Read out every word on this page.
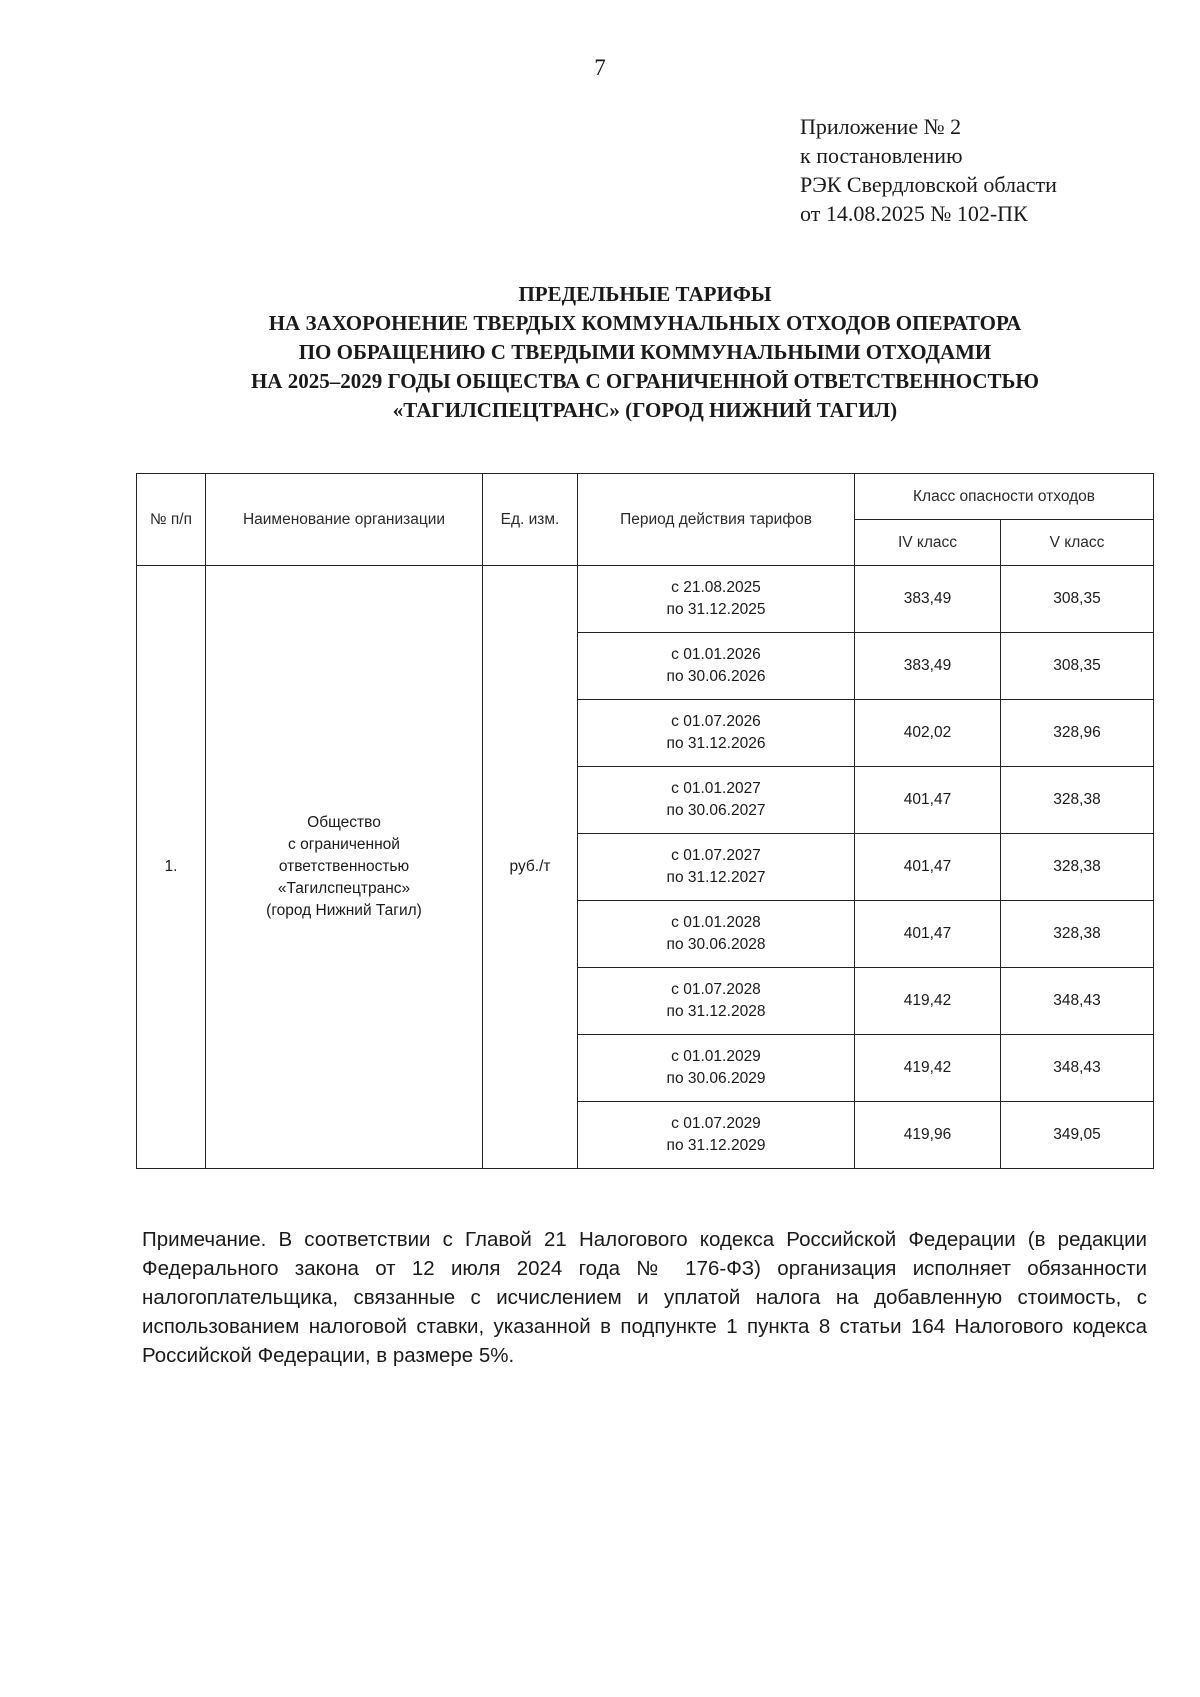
7
Приложение № 2
к постановлению
РЭК Свердловской области
от 14.08.2025 № 102-ПК
ПРЕДЕЛЬНЫЕ ТАРИФЫ
НА ЗАХОРОНЕНИЕ ТВЕРДЫХ КОММУНАЛЬНЫХ ОТХОДОВ ОПЕРАТОРА
ПО ОБРАЩЕНИЮ С ТВЕРДЫМИ КОММУНАЛЬНЫМИ ОТХОДАМИ
НА 2025–2029 ГОДЫ ОБЩЕСТВА С ОГРАНИЧЕННОЙ ОТВЕТСТВЕННОСТЬЮ
«ТАГИЛСПЕЦТРАНС» (ГОРОД НИЖНИЙ ТАГИЛ)
№ п/п	Наименование организации	Ед. изм.	Период действия тарифов	Класс опасности отходов	
				IV класс	V класс
1.	Общество
с ограниченной
ответственностью
«Тагилспецтранс»
(город Нижний Тагил)	руб./т	с 21.08.2025
по 31.12.2025	383,49	308,35

			с 01.01.2026
по 30.06.2026	383,49	308,35

			с 01.07.2026
по 31.12.2026	402,02	328,96

			с 01.01.2027
по 30.06.2027	401,47	328,38

			с 01.07.2027
по 31.12.2027	401,47	328,38

			с 01.01.2028
по 30.06.2028	401,47	328,38

			с 01.07.2028
по 31.12.2028	419,42	348,43

			с 01.01.2029
по 30.06.2029	419,42	348,43

			с 01.07.2029
по 31.12.2029	419,96	349,05
Примечание. В соответствии с Главой 21 Налогового кодекса Российской Федерации (в редакции Федерального закона от 12 июля 2024 года № 176-ФЗ) организация исполняет обязанности налогоплательщика, связанные с исчислением и уплатой налога на добавленную стоимость, с использованием налоговой ставки, указанной в подпункте 1 пункта 8 статьи 164 Налогового кодекса Российской Федерации, в размере 5%.
